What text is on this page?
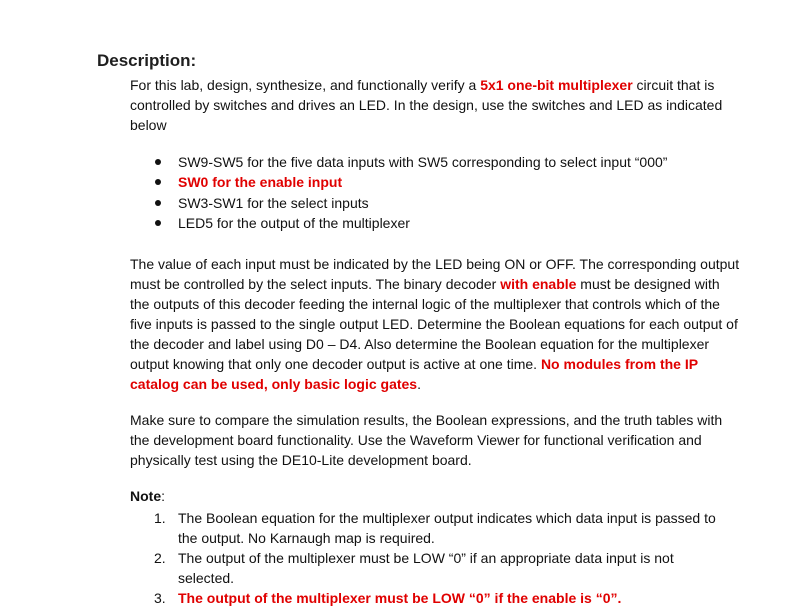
Description:

For this lab, design, synthesize, and functionally verify a 5x1 one-bit multiplexer circuit that is controlled by switches and drives an LED. In the design, use the switches and LED as indicated below

SW9-SW5 for the five data inputs with SW5 corresponding to select input “000”
SW0 for the enable input
SW3-SW1 for the select inputs
LED5 for the output of the multiplexer

The value of each input must be indicated by the LED being ON or OFF. The corresponding output must be controlled by the select inputs. The binary decoder with enable must be designed with the outputs of this decoder feeding the internal logic of the multiplexer that controls which of the five inputs is passed to the single output LED. Determine the Boolean equations for each output of the decoder and label using D0 – D4. Also determine the Boolean equation for the multiplexer output knowing that only one decoder output is active at one time. No modules from the IP catalog can be used, only basic logic gates.

Make sure to compare the simulation results, the Boolean expressions, and the truth tables with the development board functionality. Use the Waveform Viewer for functional verification and physically test using the DE10-Lite development board.

Note:
1. The Boolean equation for the multiplexer output indicates which data input is passed to the output. No Karnaugh map is required.
2. The output of the multiplexer must be LOW “0” if an appropriate data input is not selected.
3. The output of the multiplexer must be LOW “0” if the enable is “0”.
